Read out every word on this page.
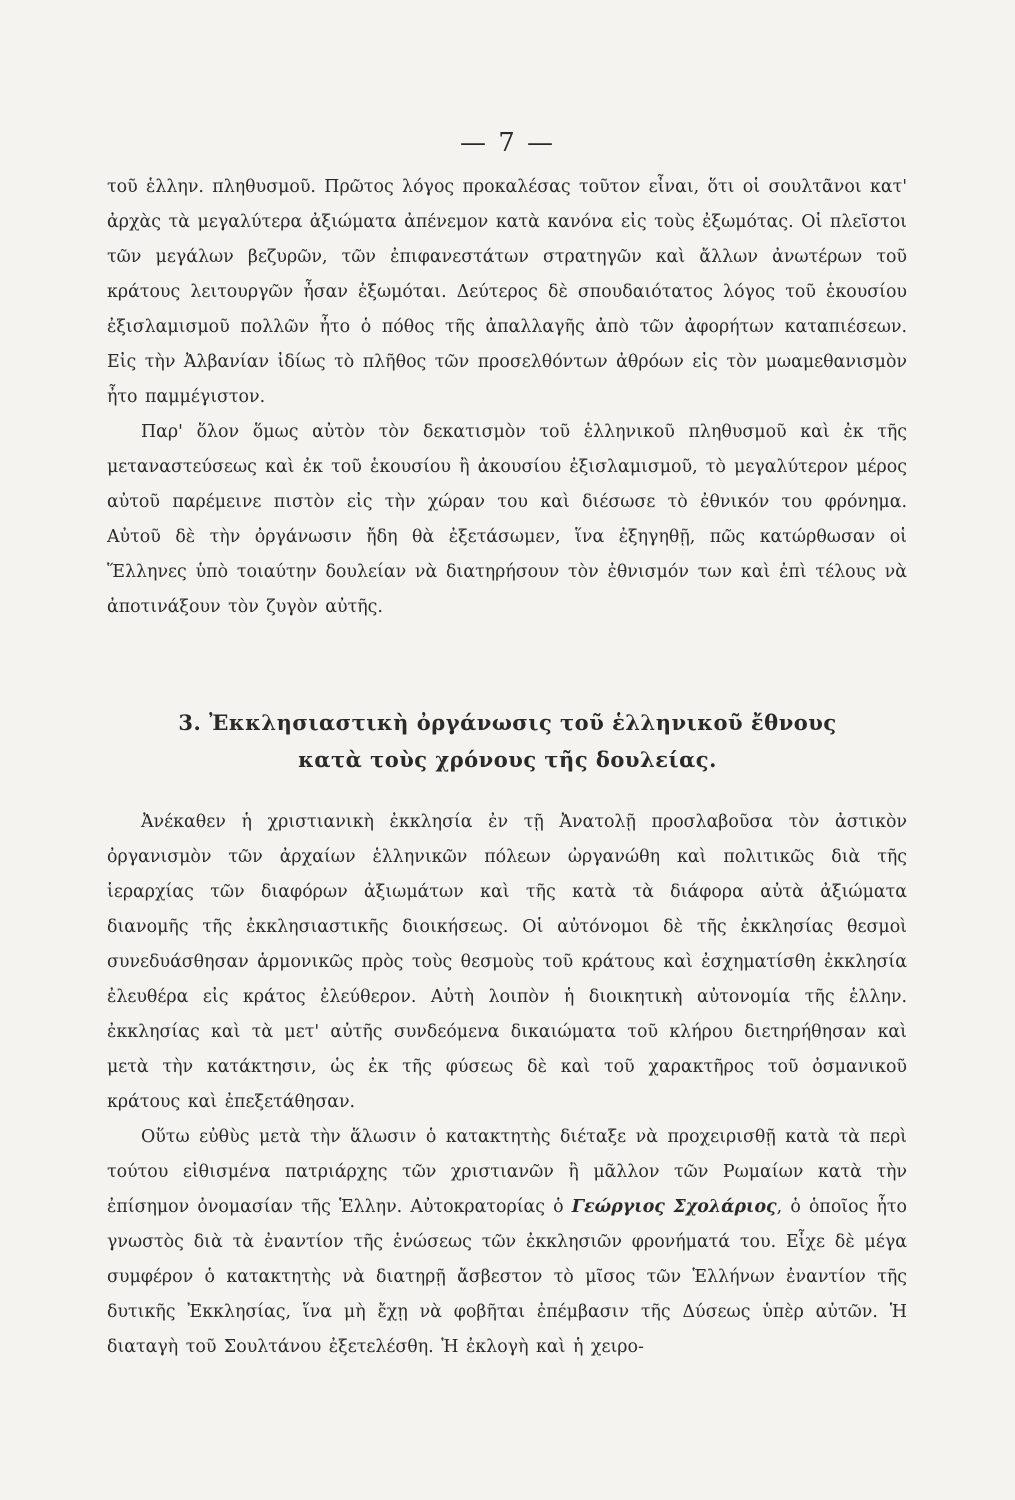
— 7 —

τοῦ ἑλλην. πληθυσμοῦ. Πρῶτος λόγος προκαλέσας τοῦτον εἶναι, ὅτι οἱ σουλτᾶνοι κατ' ἀρχὰς τὰ μεγαλύτερα ἀξιώματα ἀπένεμον κατὰ κανόνα εἰς τοὺς ἐξωμότας. Οἱ πλεῖστοι τῶν μεγάλων βεζυρῶν, τῶν ἐπιφανεστάτων στρατηγῶν καὶ ἄλλων ἀνωτέρων τοῦ κράτους λειτουργῶν ἦσαν ἐξωμόται. Δεύτερος δὲ σπουδαιότατος λόγος τοῦ ἑκουσίου ἐξισλαμισμοῦ πολλῶν ἦτο ὁ πόθος τῆς ἀπαλλαγῆς ἀπὸ τῶν ἀφορήτων καταπιέσεων. Εἰς τὴν Ἀλβανίαν ἰδίως τὸ πλῆθος τῶν προσελθόντων ἀθρόων εἰς τὸν μωαμεθανισμὸν ἦτο παμμέγιστον.

Παρ' ὅλον ὅμως αὐτὸν τὸν δεκατισμὸν τοῦ ἑλληνικοῦ πληθυσμοῦ καὶ ἐκ τῆς μεταναστεύσεως καὶ ἐκ τοῦ ἑκουσίου ἢ ἀκουσίου ἐξισλαμισμοῦ, τὸ μεγαλύτερον μέρος αὐτοῦ παρέμεινε πιστὸν εἰς τὴν χώραν του καὶ διέσωσε τὸ ἐθνικόν του φρόνημα. Αὐτοῦ δὲ τὴν ὀργάνωσιν ἤδη θὰ ἐξετάσωμεν, ἵνα ἐξηγηθῇ, πῶς κατώρθωσαν οἱ Ἕλληνες ὑπὸ τοιαύτην δουλείαν νὰ διατηρήσουν τὸν ἐθνισμόν των καὶ ἐπὶ τέλους νὰ ἀποτινάξουν τὸν ζυγὸν αὐτῆς.

3. Ἐκκλησιαστικὴ ὀργάνωσις τοῦ ἑλληνικοῦ ἔθνους
κατὰ τοὺς χρόνους τῆς δουλείας.

Ἀνέκαθεν ἡ χριστιανικὴ ἐκκλησία ἐν τῇ Ἀνατολῇ προσλαβοῦσα τὸν ἀστικὸν ὀργανισμὸν τῶν ἀρχαίων ἑλληνικῶν πόλεων ὠργανώθη καὶ πολιτικῶς διὰ τῆς ἱεραρχίας τῶν διαφόρων ἀξιωμάτων καὶ τῆς κατὰ τὰ διάφορα αὐτὰ ἀξιώματα διανομῆς τῆς ἐκκλησιαστικῆς διοικήσεως. Οἱ αὐτόνομοι δὲ τῆς ἐκκλησίας θεσμοὶ συνεδυάσθησαν ἁρμονικῶς πρὸς τοὺς θεσμοὺς τοῦ κράτους καὶ ἐσχηματίσθη ἐκκλησία ἐλευθέρα εἰς κράτος ἐλεύθερον. Αὐτὴ λοιπὸν ἡ διοικητικὴ αὐτονομία τῆς ἑλλην. ἐκκλησίας καὶ τὰ μετ' αὐτῆς συνδεόμενα δικαιώματα τοῦ κλήρου διετηρήθησαν καὶ μετὰ τὴν κατάκτησιν, ὡς ἐκ τῆς φύσεως δὲ καὶ τοῦ χαρακτῆρος τοῦ ὀσμανικοῦ κράτους καὶ ἐπεξετάθησαν.

Οὕτω εὐθὺς μετὰ τὴν ἅλωσιν ὁ κατακτητὴς διέταξε νὰ προχειρισθῇ κατὰ τὰ περὶ τούτου εἰθισμένα πατριάρχης τῶν χριστιανῶν ἢ μᾶλλον τῶν Ρωμαίων κατὰ τὴν ἐπίσημον ὀνομασίαν τῆς Ἑλλην. Αὐτοκρατορίας ὁ Γεώργιος Σχολάριος, ὁ ὁποῖος ἦτο γνωστὸς διὰ τὰ ἐναντίον τῆς ἑνώσεως τῶν ἐκκλησιῶν φρονήματά του. Εἶχε δὲ μέγα συμφέρον ὁ κατακτητὴς νὰ διατηρῇ ἄσβεστον τὸ μῖσος τῶν Ἑλλήνων ἐναντίον τῆς δυτικῆς Ἐκκλησίας, ἵνα μὴ ἔχῃ νὰ φοβῆται ἐπέμβασιν τῆς Δύσεως ὑπὲρ αὐτῶν. Ἡ διαταγὴ τοῦ Σουλτάνου ἐξετελέσθη. Ἡ ἐκλογὴ καὶ ἡ χειρο-
